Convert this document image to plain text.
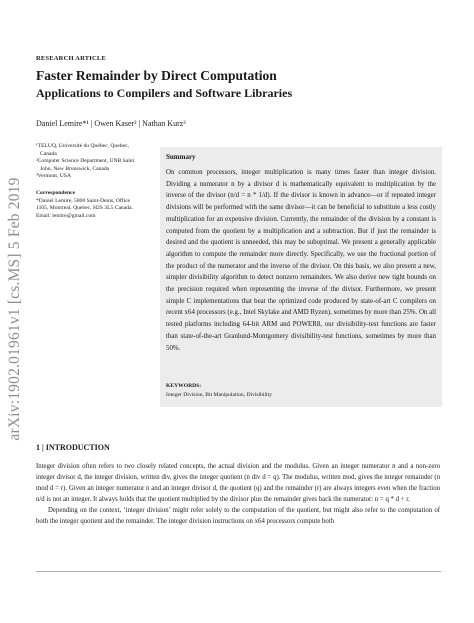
arXiv:1902.01961v1 [cs.MS] 5 Feb 2019
RESEARCH ARTICLE
Faster Remainder by Direct Computation
Applications to Compilers and Software Libraries
Daniel Lemire*¹ | Owen Kaser² | Nathan Kurz³
¹TELUQ, Université du Québec, Quebec,
Canada
²Computer Science Department, UNB Saint
John, New Brunswick, Canada
³Vermont, USA
Correspondence
*Daniel Lemire, 5800 Saint-Denis, Office
1105, Montreal, Quebec, H2S 3L5 Canada.
Email: lemire@gmail.com
Summary
On common processors, integer multiplication is many times faster than integer division. Dividing a numerator n by a divisor d is mathematically equivalent to multiplication by the inverse of the divisor (n/d = n * 1/d). If the divisor is known in advance—or if repeated integer divisions will be performed with the same divisor—it can be beneficial to substitute a less costly multiplication for an expensive division. Currently, the remainder of the division by a constant is computed from the quotient by a multiplication and a subtraction. But if just the remainder is desired and the quotient is unneeded, this may be suboptimal. We present a generally applicable algorithm to compute the remainder more directly. Specifically, we use the fractional portion of the product of the numerator and the inverse of the divisor. On this basis, we also present a new, simpler divisibility algorithm to detect nonzero remainders. We also derive new tight bounds on the precision required when representing the inverse of the divisor. Furthermore, we present simple C implementations that beat the optimized code produced by state-of-art C compilers on recent x64 processors (e.g., Intel Skylake and AMD Ryzen), sometimes by more than 25%. On all tested platforms including 64-bit ARM and POWER8, our divisibility-test functions are faster than state-of-the-art Granlund-Montgomery divisibility-test functions, sometimes by more than 50%.
KEYWORDS:
Integer Division, Bit Manipulation, Divisibility
1 | INTRODUCTION
Integer division often refers to two closely related concepts, the actual division and the modulus. Given an integer numerator n and a non-zero integer divisor d, the integer division, written div, gives the integer quotient (n div d = q). The modulus, written mod, gives the integer remainder (n mod d = r). Given an integer numerator n and an integer divisor d, the quotient (q) and the remainder (r) are always integers even when the fraction n/d is not an integer. It always holds that the quotient multiplied by the divisor plus the remainder gives back the numerator: n = q * d + r.
Depending on the context, ‘integer division’ might refer solely to the computation of the quotient, but might also refer to the computation of both the integer quotient and the remainder. The integer division instructions on x64 processors compute both
